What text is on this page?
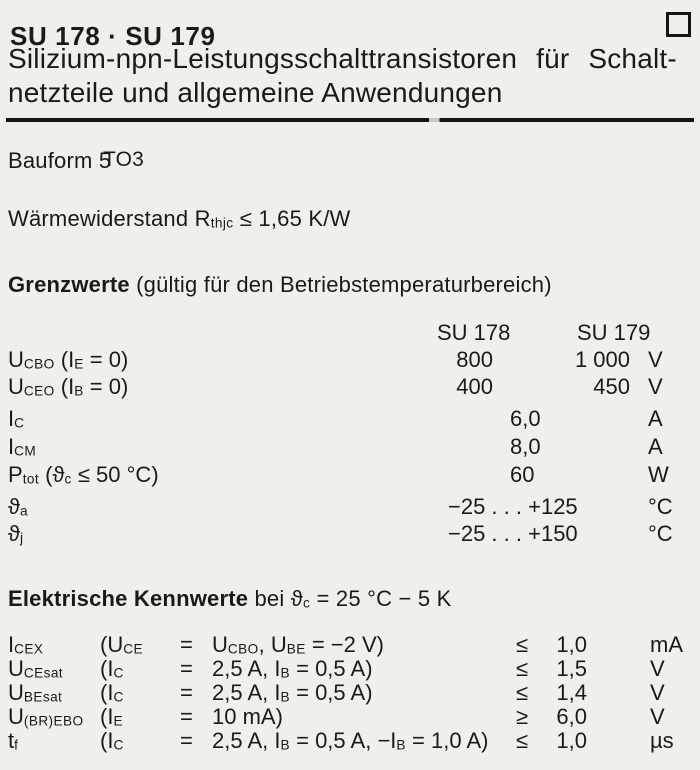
SU 178 · SU 179
Silizium-npn-Leistungsschalttransistoren für Schalt-
netzteile und allgemeine Anwendungen
Bauform 5
TO3
Wärmewiderstand $R_{thjc} \le 1,65$ K/W
Grenzwerte (gültig für den Betriebstemperaturbereich)
SU 178	SU 179
$U_{CBO}$ $(I_E = 0)$	800	1 000 V
$U_{CEO}$ $(I_B = 0)$	400	450 V
$I_C$	6,0	A
$I_{CM}$	8,0	A
$P_{tot}$ ($ϑ_c \le 50$ °C)	60	W
$ϑ_a$	−25 . . . +125	°C
$ϑ_j$	−25 . . . +150	°C
Elektrische Kennwerte bei $ϑ_c = 25$ °C − 5 K
$I_{CEX}$	($U_{CE} = U_{CBO}$, $U_{BE} = -2$ V)	≤	1,0	mA
$U_{CEsat}$ ($I_C$	= 2,5 A, $I_B = 0,5$ A)	≤	1,5	V
$U_{BEsat}$ ($I_C$	= 2,5 A, $I_B = 0,5$ A)	≤	1,4	V
$U_{(BR)EBO}$ ($I_E$	= 10 mA)	≥	6,0	V
$t_f$	($I_C$	= 2,5 A, $I_B = 0,5$ A, $-I_B = 1,0$ A) ≤	1,0	µs
